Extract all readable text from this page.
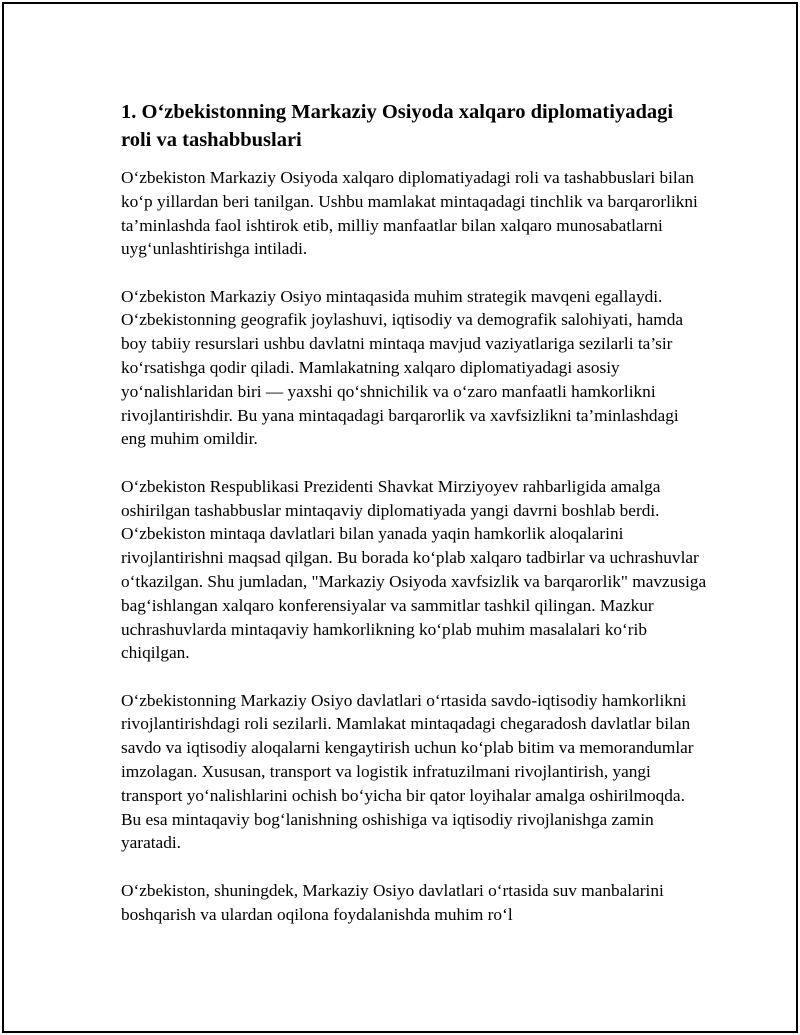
1. O‘zbekistonning Markaziy Osiyoda xalqaro diplomatiyadagi roli va tashabbuslari

O‘zbekiston Markaziy Osiyoda xalqaro diplomatiyadagi roli va tashabbuslari bilan ko‘p yillardan beri tanilgan. Ushbu mamlakat mintaqadagi tinchlik va barqarorlikni ta’minlashda faol ishtirok etib, milliy manfaatlar bilan xalqaro munosabatlarni uyg‘unlashtirishga intiladi.

O‘zbekiston Markaziy Osiyo mintaqasida muhim strategik mavqeni egallaydi. O‘zbekistonning geografik joylashuvi, iqtisodiy va demografik salohiyati, hamda boy tabiiy resurslari ushbu davlatni mintaqa mavjud vaziyatlariga sezilarli ta’sir ko‘rsatishga qodir qiladi. Mamlakatning xalqaro diplomatiyadagi asosiy yo‘nalishlaridan biri — yaxshi qo‘shnichilik va o‘zaro manfaatli hamkorlikni rivojlantirishdir. Bu yana mintaqadagi barqarorlik va xavfsizlikni ta’minlashdagi eng muhim omildir.

O‘zbekiston Respublikasi Prezidenti Shavkat Mirziyoyev rahbarligida amalga oshirilgan tashabbuslar mintaqaviy diplomatiyada yangi davrni boshlab berdi. O‘zbekiston mintaqa davlatlari bilan yanada yaqin hamkorlik aloqalarini rivojlantirishni maqsad qilgan. Bu borada ko‘plab xalqaro tadbirlar va uchrashuvlar o‘tkazilgan. Shu jumladan, "Markaziy Osiyoda xavfsizlik va barqarorlik" mavzusiga bag‘ishlangan xalqaro konferensiyalar va sammitlar tashkil qilingan. Mazkur uchrashuvlarda mintaqaviy hamkorlikning ko‘plab muhim masalalari ko‘rib chiqilgan.

O‘zbekistonning Markaziy Osiyo davlatlari o‘rtasida savdo-iqtisodiy hamkorlikni rivojlantirishdagi roli sezilarli. Mamlakat mintaqadagi chegaradosh davlatlar bilan savdo va iqtisodiy aloqalarni kengaytirish uchun ko‘plab bitim va memorandumlar imzolagan. Xususan, transport va logistik infratuzilmani rivojlantirish, yangi transport yo‘nalishlarini ochish bo‘yicha bir qator loyihalar amalga oshirilmoqda. Bu esa mintaqaviy bog‘lanishning oshishiga va iqtisodiy rivojlanishga zamin yaratadi.

O‘zbekiston, shuningdek, Markaziy Osiyo davlatlari o‘rtasida suv manbalarini boshqarish va ulardan oqilona foydalanishda muhim ro‘l
